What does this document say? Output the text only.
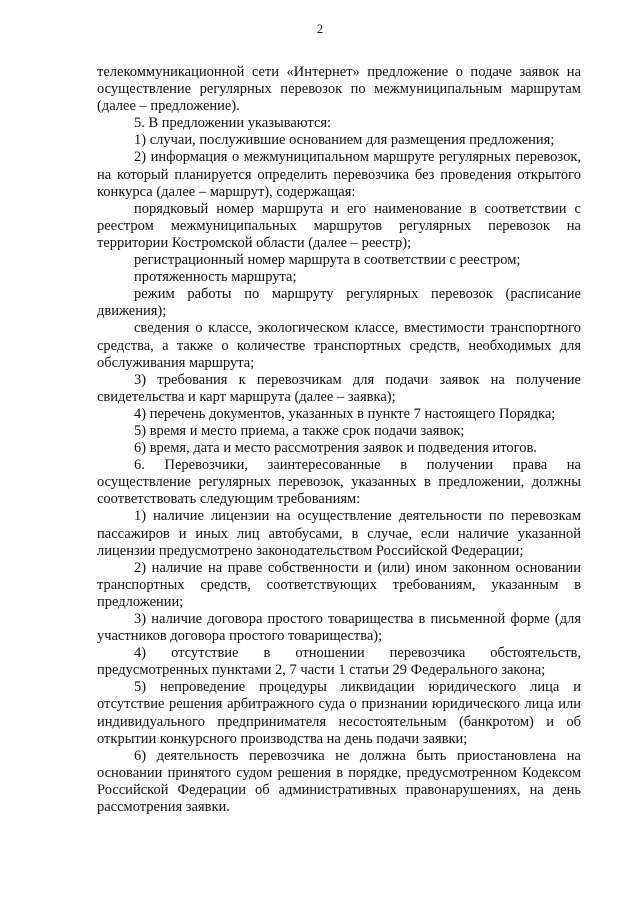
2

телекоммуникационной сети «Интернет» предложение о подаче заявок на осуществление регулярных перевозок по межмуниципальным маршрутам (далее – предложение).

5. В предложении указываются:

1) случаи, послужившие основанием для размещения предложения;

2) информация о межмуниципальном маршруте регулярных перевозок, на который планируется определить перевозчика без проведения открытого конкурса (далее – маршрут), содержащая:

порядковый номер маршрута и его наименование в соответствии с реестром межмуниципальных маршрутов регулярных перевозок на территории Костромской области (далее – реестр);

регистрационный номер маршрута в соответствии с реестром;

протяженность маршрута;

режим работы по маршруту регулярных перевозок (расписание движения);

сведения о классе, экологическом классе, вместимости транспортного средства, а также о количестве транспортных средств, необходимых для обслуживания маршрута;

3) требования к перевозчикам для подачи заявок на получение свидетельства и карт маршрута (далее – заявка);

4) перечень документов, указанных в пункте 7 настоящего Порядка;

5) время и место приема, а также срок подачи заявок;

6) время, дата и место рассмотрения заявок и подведения итогов.

6. Перевозчики, заинтересованные в получении права на осуществление регулярных перевозок, указанных в предложении, должны соответствовать следующим требованиям:

1) наличие лицензии на осуществление деятельности по перевозкам пассажиров и иных лиц автобусами, в случае, если наличие указанной лицензии предусмотрено законодательством Российской Федерации;

2) наличие на праве собственности и (или) ином законном основании транспортных средств, соответствующих требованиям, указанным в предложении;

3) наличие договора простого товарищества в письменной форме (для участников договора простого товарищества);

4) отсутствие в отношении перевозчика обстоятельств, предусмотренных пунктами 2, 7 части 1 статьи 29 Федерального закона;

5) непроведение процедуры ликвидации юридического лица и отсутствие решения арбитражного суда о признании юридического лица или индивидуального предпринимателя несостоятельным (банкротом) и об открытии конкурсного производства на день подачи заявки;

6) деятельность перевозчика не должна быть приостановлена на основании принятого судом решения в порядке, предусмотренном Кодексом Российской Федерации об административных правонарушениях, на день рассмотрения заявки.
